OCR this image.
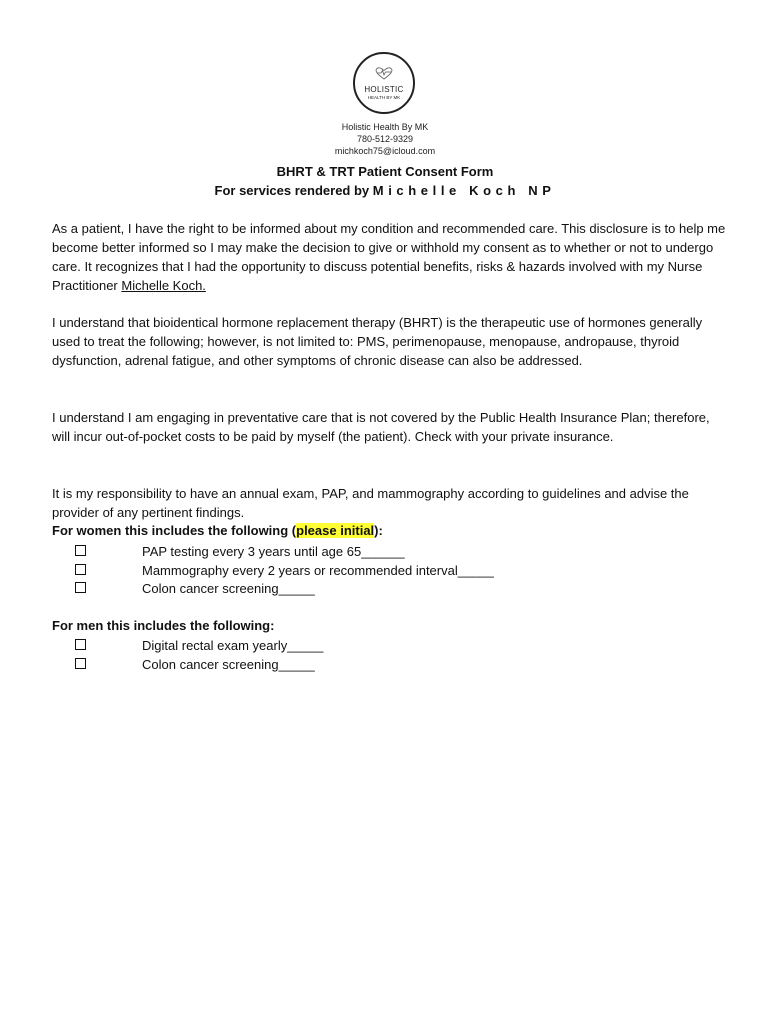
HOLISTIC
HEALTH BY MK
Holistic Health By MK
780-512-9329
michkoch75@icloud.com
BHRT & TRT Patient Consent Form
For services rendered by Michelle Koch NP

As a patient, I have the right to be informed about my condition and recommended care. This disclosure is to help me become better informed so I may make the decision to give or withhold my consent as to whether or not to undergo care. It recognizes that I had the opportunity to discuss potential benefits, risks & hazards involved with my Nurse Practitioner Michelle Koch.

I understand that bioidentical hormone replacement therapy (BHRT) is the therapeutic use of hormones generally used to treat the following; however, is not limited to: PMS, perimenopause, menopause, andropause, thyroid dysfunction, adrenal fatigue, and other symptoms of chronic disease can also be addressed.

I understand I am engaging in preventative care that is not covered by the Public Health Insurance Plan; therefore, will incur out-of-pocket costs to be paid by myself (the patient). Check with your private insurance.

It is my responsibility to have an annual exam, PAP, and mammography according to guidelines and advise the provider of any pertinent findings.

For women this includes the following (please initial):
PAP testing every 3 years until age 65______
Mammography every 2 years or recommended interval_____
Colon cancer screening_____
For men this includes the following:
Digital rectal exam yearly_____
Colon cancer screening_____
